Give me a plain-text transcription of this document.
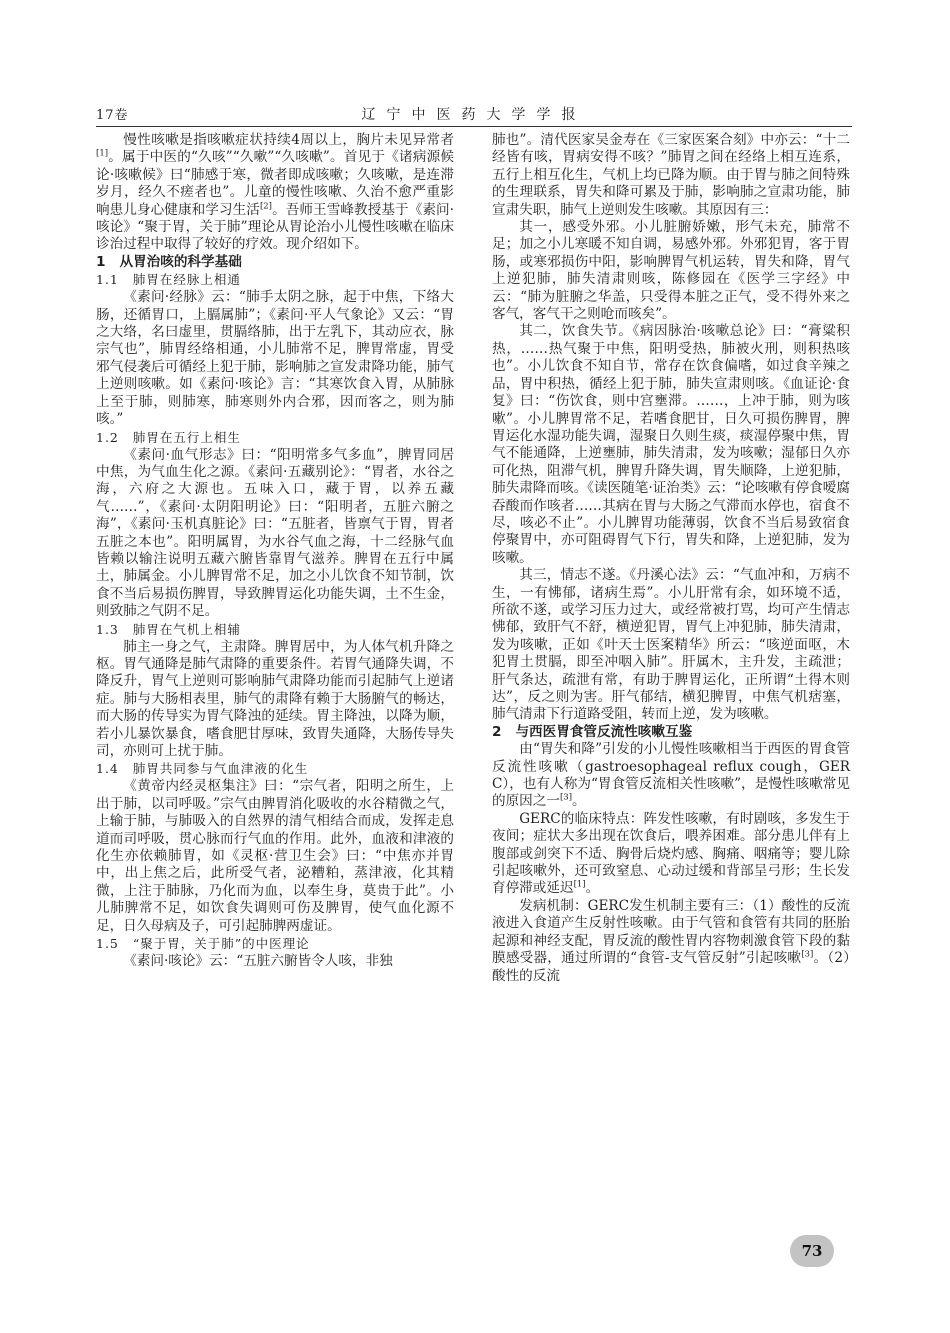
17卷	辽宁中医药大学学报

慢性咳嗽是指咳嗽症状持续4周以上，胸片未见异常者[1]。属于中医的“久咳”“久嗽”“久咳嗽”。首见于《诸病源候论·咳嗽候》曰“肺感于寒，微者即成咳嗽；久咳嗽，是连滞岁月，经久不瘥者也”。儿童的慢性咳嗽、久治不愈严重影响患儿身心健康和学习生活[2]。吾师王雪峰教授基于《素问·咳论》“聚于胃，关于肺”理论从胃论治小儿慢性咳嗽在临床诊治过程中取得了较好的疗效。现介绍如下。

1 从胃治咳的科学基础
1.1 肺胃在经脉上相通

《素问·经脉》云：“肺手太阴之脉，起于中焦，下络大肠，还循胃口，上膈属肺”；《素问·平人气象论》又云：“胃之大络，名曰虚里，贯膈络肺，出于左乳下，其动应衣，脉宗气也”，肺胃经络相通，小儿肺常不足，脾胃常虚，胃受邪气侵袭后可循经上犯于肺，影响肺之宣发肃降功能，肺气上逆则咳嗽。如《素问·咳论》言：“其寒饮食入胃，从肺脉上至于肺，则肺寒，肺寒则外内合邪，因而客之，则为肺咳。”

1.2 肺胃在五行上相生

《素问·血气形志》曰：“阳明常多气多血”，脾胃同居中焦，为气血生化之源。《素问·五藏别论》：“胃者，水谷之海，六府之大源也。五味入口，藏于胃，以养五藏气……”，《素问·太阴阳明论》曰：“阳明者，五脏六腑之海”，《素问·玉机真脏论》曰：“五脏者，皆禀气于胃，胃者五脏之本也”。阳明属胃，为水谷气血之海，十二经脉气血皆赖以输注说明五藏六腑皆靠胃气滋养。脾胃在五行中属土，肺属金。小儿脾胃常不足，加之小儿饮食不知节制，饮食不当后易损伤脾胃，导致脾胃运化功能失调，土不生金，则致肺之气阴不足。

1.3 肺胃在气机上相辅

肺主一身之气，主肃降。脾胃居中，为人体气机升降之枢。胃气通降是肺气肃降的重要条件。若胃气通降失调，不降反升，胃气上逆则可影响肺气肃降功能而引起肺气上逆诸症。肺与大肠相表里，肺气的肃降有赖于大肠腑气的畅达，而大肠的传导实为胃气降浊的延续。胃主降浊，以降为顺，若小儿暴饮暴食，嗜食肥甘厚味，致胃失通降，大肠传导失司，亦则可上扰于肺。

1.4 肺胃共同参与气血津液的化生

《黄帝内经灵枢集注》曰：“宗气者，阳明之所生，上出于肺，以司呼吸。”宗气由脾胃消化吸收的水谷精微之气，上输于肺，与肺吸入的自然界的清气相结合而成，发挥走息道而司呼吸，贯心脉而行气血的作用。此外，血液和津液的化生亦依赖肺胃，如《灵枢·营卫生会》曰：“中焦亦并胃中，出上焦之后，此所受气者，泌糟粕，蒸津液，化其精微，上注于肺脉，乃化而为血，以奉生身，莫贵于此”。小儿肺脾常不足，如饮食失调则可伤及脾胃，使气血化源不足，日久母病及子，可引起肺脾两虚证。

1.5 “聚于胃，关于肺”的中医理论

《素问·咳论》云：“五脏六腑皆令人咳，非独

肺也”。清代医家吴金寿在《三家医案合刻》中亦云：“十二经皆有咳，胃病安得不咳？”肺胃之间在经络上相互连系，五行上相互化生，气机上均已降为顺。由于胃与肺之间特殊的生理联系，胃失和降可累及于肺，影响肺之宣肃功能，肺宣肃失职，肺气上逆则发生咳嗽。其原因有三：

其一，感受外邪。小儿脏腑娇嫩，形气未充，肺常不足；加之小儿寒暖不知自调，易感外邪。外邪犯胃，客于胃肠，或寒邪损伤中阳，影响脾胃气机运转，胃失和降，胃气上逆犯肺，肺失清肃则咳，陈修园在《医学三字经》中云：“肺为脏腑之华盖，只受得本脏之正气，受不得外来之客气，客气干之则呛而咳矣”。

其二，饮食失节。《病因脉治·咳嗽总论》曰：“膏粱积热，……热气聚于中焦，阳明受热，肺被火刑，则积热咳也”。小儿饮食不知自节，常存在饮食偏嗜，如过食辛辣之品，胃中积热，循经上犯于肺，肺失宣肃则咳。《血证论·食复》曰：“伤饮食，则中宫壅滞。……，上冲于肺，则为咳嗽”。小儿脾胃常不足，若嗜食肥甘，日久可损伤脾胃，脾胃运化水湿功能失调，湿聚日久则生痰，痰湿停聚中焦，胃气不能通降，上逆壅肺，肺失清肃，发为咳嗽；湿郁日久亦可化热，阻滞气机，脾胃升降失调，胃失顺降，上逆犯肺，肺失肃降而咳。《读医随笔·证治类》云：“论咳嗽有停食嗳腐吞酸而作咳者……其病在胃与大肠之气滞而水停也，宿食不尽，咳必不止”。小儿脾胃功能薄弱，饮食不当后易致宿食停聚胃中，亦可阻碍胃气下行，胃失和降，上逆犯肺，发为咳嗽。

其三，情志不遂。《丹溪心法》云：“气血冲和，万病不生，一有怫郁，诸病生焉”。小儿肝常有余，如环境不适，所欲不遂，或学习压力过大，或经常被打骂，均可产生情志怫郁，致肝气不舒，横逆犯胃，胃气上冲犯肺，肺失清肃，发为咳嗽，正如《叶天士医案精华》所云：“咳逆面呕，木犯胃土贯膈，即至冲咽入肺”。肝属木，主升发，主疏泄；肝气条达，疏泄有常，有助于脾胃运化，正所谓“土得木则达”，反之则为害。肝气郁结，横犯脾胃，中焦气机痞塞，肺气清肃下行道路受阻，转而上逆，发为咳嗽。

2 与西医胃食管反流性咳嗽互鉴

由“胃失和降”引发的小儿慢性咳嗽相当于西医的胃食管反流性咳嗽（gastroesophageal reflux cough，GERC），也有人称为“胃食管反流相关性咳嗽”，是慢性咳嗽常见的原因之一[3]。

GERC的临床特点：阵发性咳嗽，有时剧咳，多发生于夜间；症状大多出现在饮食后，喂养困难。部分患儿伴有上腹部或剑突下不适、胸骨后烧灼感、胸痛、咽痛等；婴儿除引起咳嗽外，还可致窒息、心动过缓和背部呈弓形；生长发育停滞或延迟[1]。

发病机制：GERC发生机制主要有三：（1）酸性的反流液进入食道产生反射性咳嗽。由于气管和食管有共同的胚胎起源和神经支配，胃反流的酸性胃内容物刺激食管下段的黏膜感受器，通过所谓的“食管-支气管反射”引起咳嗽[3]。（2）酸性的反流

73
